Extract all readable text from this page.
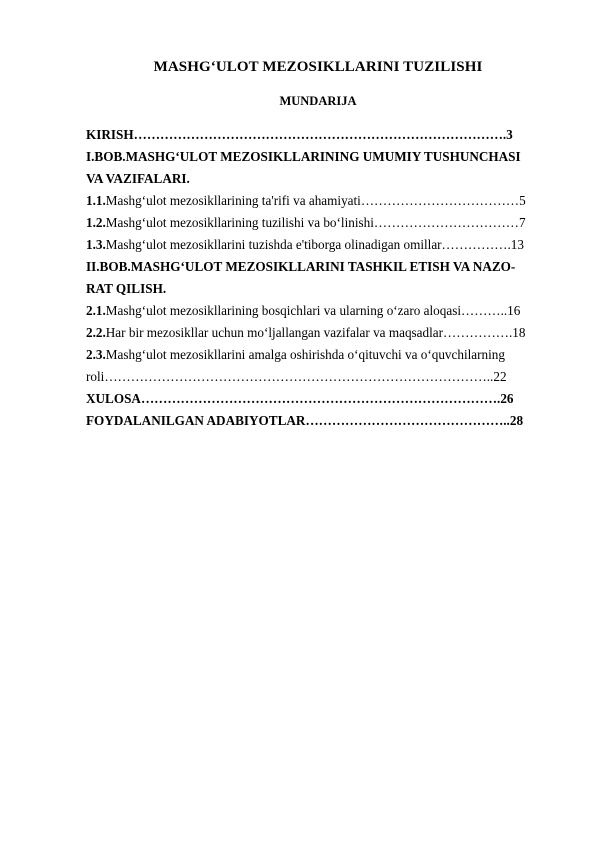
MASHG‘ULOT MEZOSIKLLARINI TUZILISHI
MUNDARIJA
KIRISH………………………………………………………………………….3
I.BOB.MASHG‘ULOT MEZOSIKLLARINING UMUMIY TUSHUNCHASI
VA VAZIFALARI.
1.1.Mashg‘ulot mezosikllarining ta'rifi va ahamiyati………………………………5
1.2.Mashg‘ulot mezosikllarining tuzilishi va bo‘linishi……………………………7
1.3.Mashg‘ulot mezosikllarini tuzishda e'tiborga olinadigan omillar…………….13
II.BOB.MASHG‘ULOT MEZOSIKLLARINI TASHKIL ETISH VA NAZO-
RAT QILISH.
2.1.Mashg‘ulot mezosikllarining bosqichlari va ularning o‘zaro aloqasi………..16
2.2.Har bir mezosikllar uchun mo‘ljallangan vazifalar va maqsadlar…………….18
2.3.Mashg‘ulot mezosikllarini amalga oshirishda o‘qituvchi va o‘quvchilarning
roli……………………………………………………………………………..22
XULOSA……………………………………………………………………….26
FOYDALANILGAN ADABIYOTLAR………………………………………..28
